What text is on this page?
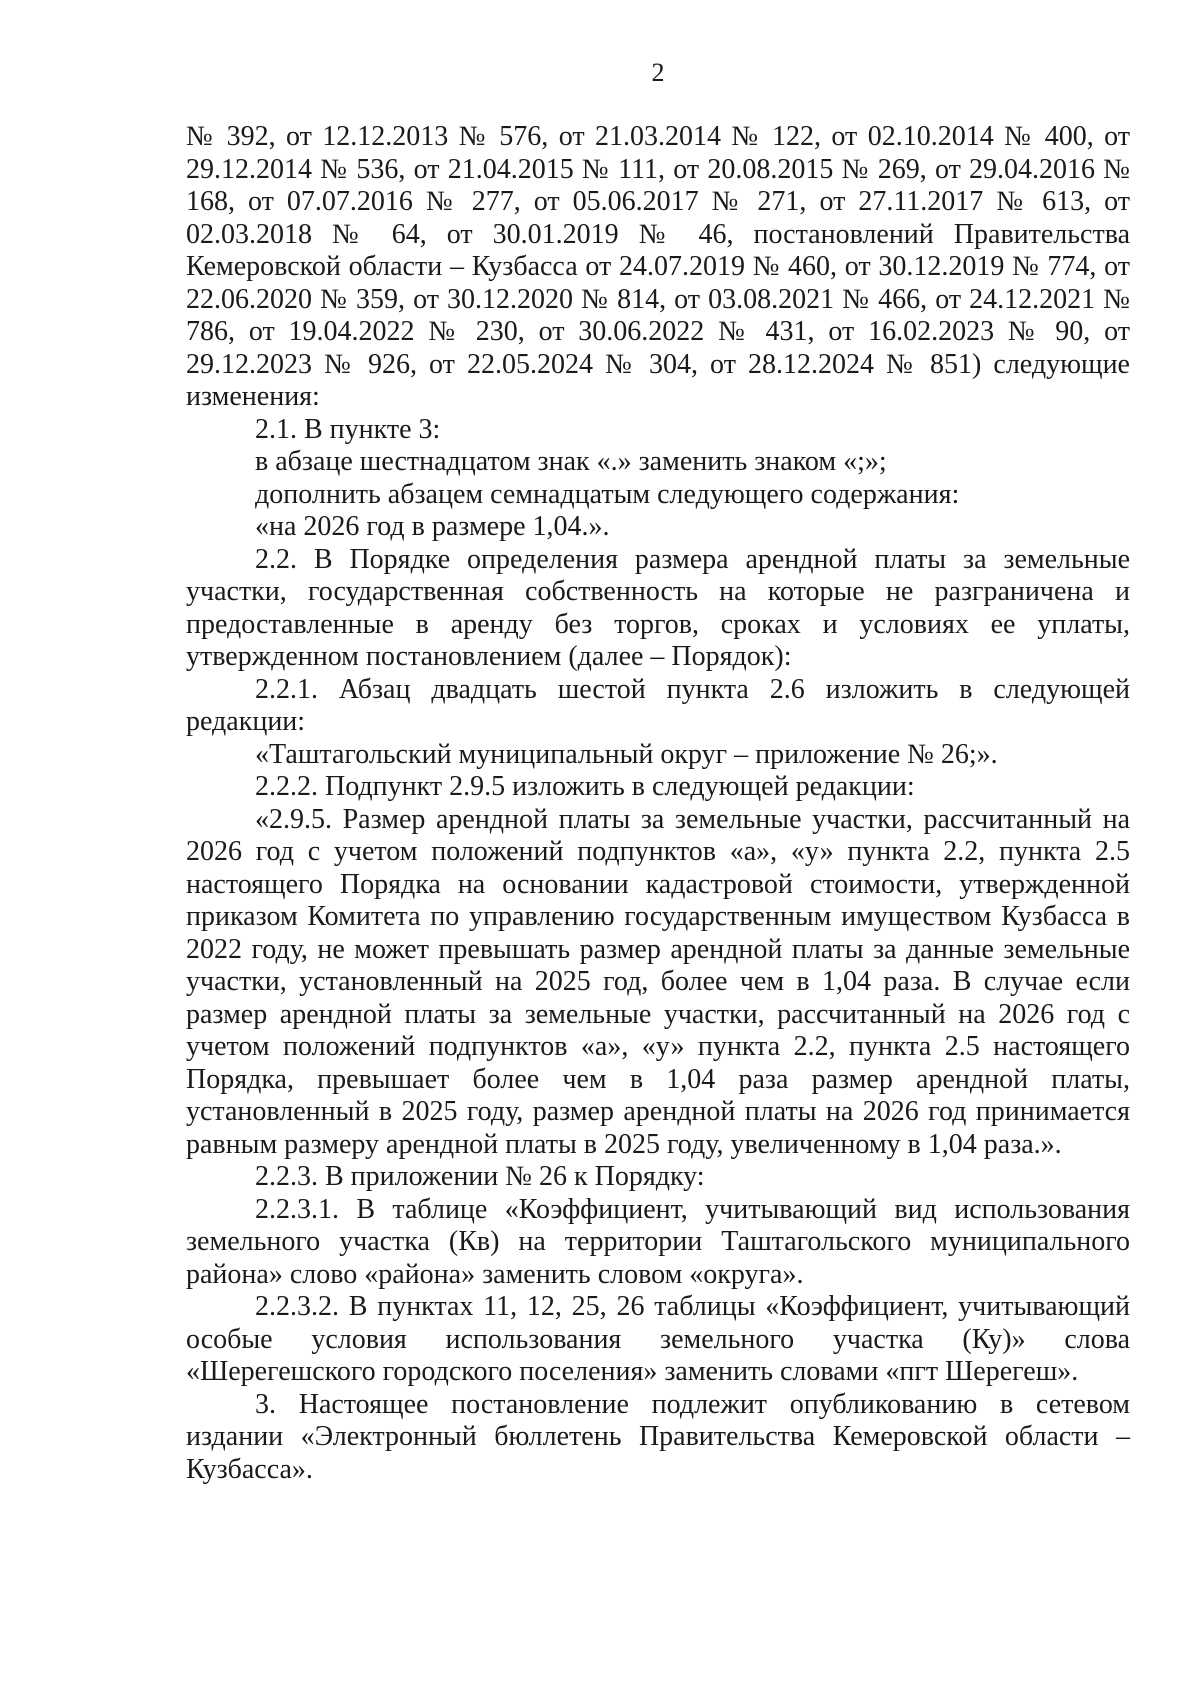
2

№ 392, от 12.12.2013 № 576, от 21.03.2014 № 122, от 02.10.2014 № 400, от 29.12.2014 № 536, от 21.04.2015 № 111, от 20.08.2015 № 269, от 29.04.2016 № 168, от 07.07.2016 № 277, от 05.06.2017 № 271, от 27.11.2017 № 613, от 02.03.2018 № 64, от 30.01.2019 № 46, постановлений Правительства Кемеровской области – Кузбасса от 24.07.2019 № 460, от 30.12.2019 № 774, от 22.06.2020 № 359, от 30.12.2020 № 814, от 03.08.2021 № 466, от 24.12.2021 № 786, от 19.04.2022 № 230, от 30.06.2022 № 431, от 16.02.2023 № 90, от 29.12.2023 № 926, от 22.05.2024 № 304, от 28.12.2024 № 851) следующие изменения:

2.1. В пункте 3:

в абзаце шестнадцатом знак «.» заменить знаком «;»;

дополнить абзацем семнадцатым следующего содержания:

«на 2026 год в размере 1,04.».

2.2. В Порядке определения размера арендной платы за земельные участки, государственная собственность на которые не разграничена и предоставленные в аренду без торгов, сроках и условиях ее уплаты, утвержденном постановлением (далее – Порядок):

2.2.1. Абзац двадцать шестой пункта 2.6 изложить в следующей редакции:

«Таштагольский муниципальный округ – приложение № 26;».

2.2.2. Подпункт 2.9.5 изложить в следующей редакции:

«2.9.5. Размер арендной платы за земельные участки, рассчитанный на 2026 год с учетом положений подпунктов «а», «у» пункта 2.2, пункта 2.5 настоящего Порядка на основании кадастровой стоимости, утвержденной приказом Комитета по управлению государственным имуществом Кузбасса в 2022 году, не может превышать размер арендной платы за данные земельные участки, установленный на 2025 год, более чем в 1,04 раза. В случае если размер арендной платы за земельные участки, рассчитанный на 2026 год с учетом положений подпунктов «а», «у» пункта 2.2, пункта 2.5 настоящего Порядка, превышает более чем в 1,04 раза размер арендной платы, установленный в 2025 году, размер арендной платы на 2026 год принимается равным размеру арендной платы в 2025 году, увеличенному в 1,04 раза.».

2.2.3. В приложении № 26 к Порядку:

2.2.3.1. В таблице «Коэффициент, учитывающий вид использования земельного участка (Кв) на территории Таштагольского муниципального района» слово «района» заменить словом «округа».

2.2.3.2. В пунктах 11, 12, 25, 26 таблицы «Коэффициент, учитывающий особые условия использования земельного участка (Ку)» слова «Шерегешского городского поселения» заменить словами «пгт Шерегеш».

3. Настоящее постановление подлежит опубликованию в сетевом издании «Электронный бюллетень Правительства Кемеровской области – Кузбасса».
